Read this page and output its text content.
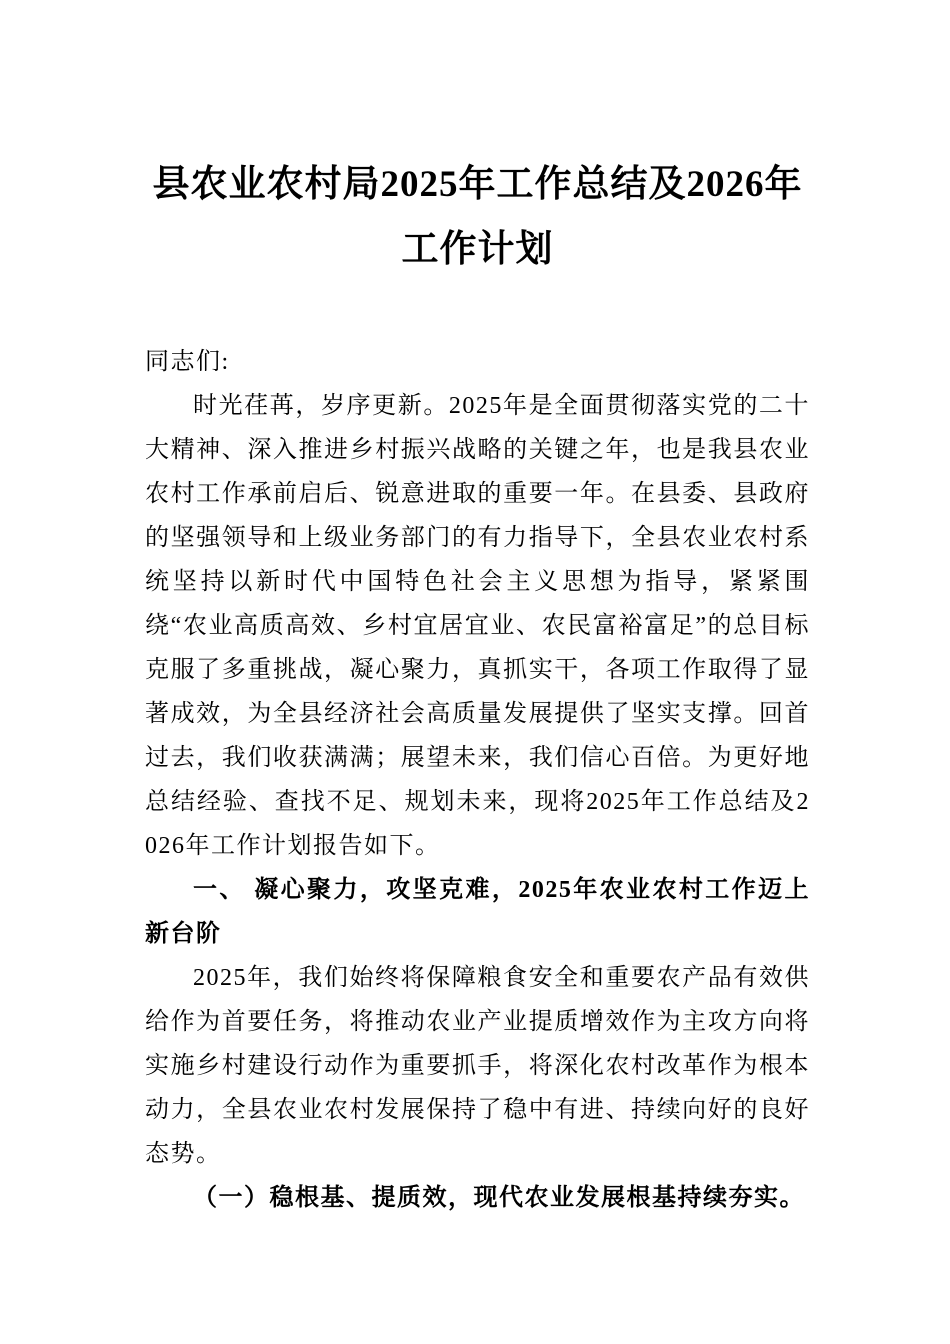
县农业农村局2025年工作总结及2026年工作计划

同志们:

时光荏苒，岁序更新。2025年是全面贯彻落实党的二十大精神、深入推进乡村振兴战略的关键之年，也是我县农业农村工作承前启后、锐意进取的重要一年。在县委、县政府的坚强领导和上级业务部门的有力指导下，全县农业农村系统坚持以新时代中国特色社会主义思想为指导，紧紧围绕“农业高质高效、乡村宜居宜业、农民富裕富足”的总目标克服了多重挑战，凝心聚力，真抓实干，各项工作取得了显著成效，为全县经济社会高质量发展提供了坚实支撑。回首过去，我们收获满满；展望未来，我们信心百倍。为更好地总结经验、查找不足、规划未来，现将2025年工作总结及2026年工作计划报告如下。

一、 凝心聚力，攻坚克难，2025年农业农村工作迈上新台阶

2025年，我们始终将保障粮食安全和重要农产品有效供给作为首要任务，将推动农业产业提质增效作为主攻方向将实施乡村建设行动作为重要抓手，将深化农村改革作为根本动力，全县农业农村发展保持了稳中有进、持续向好的良好态势。

（一）稳根基、提质效，现代农业发展根基持续夯实。
